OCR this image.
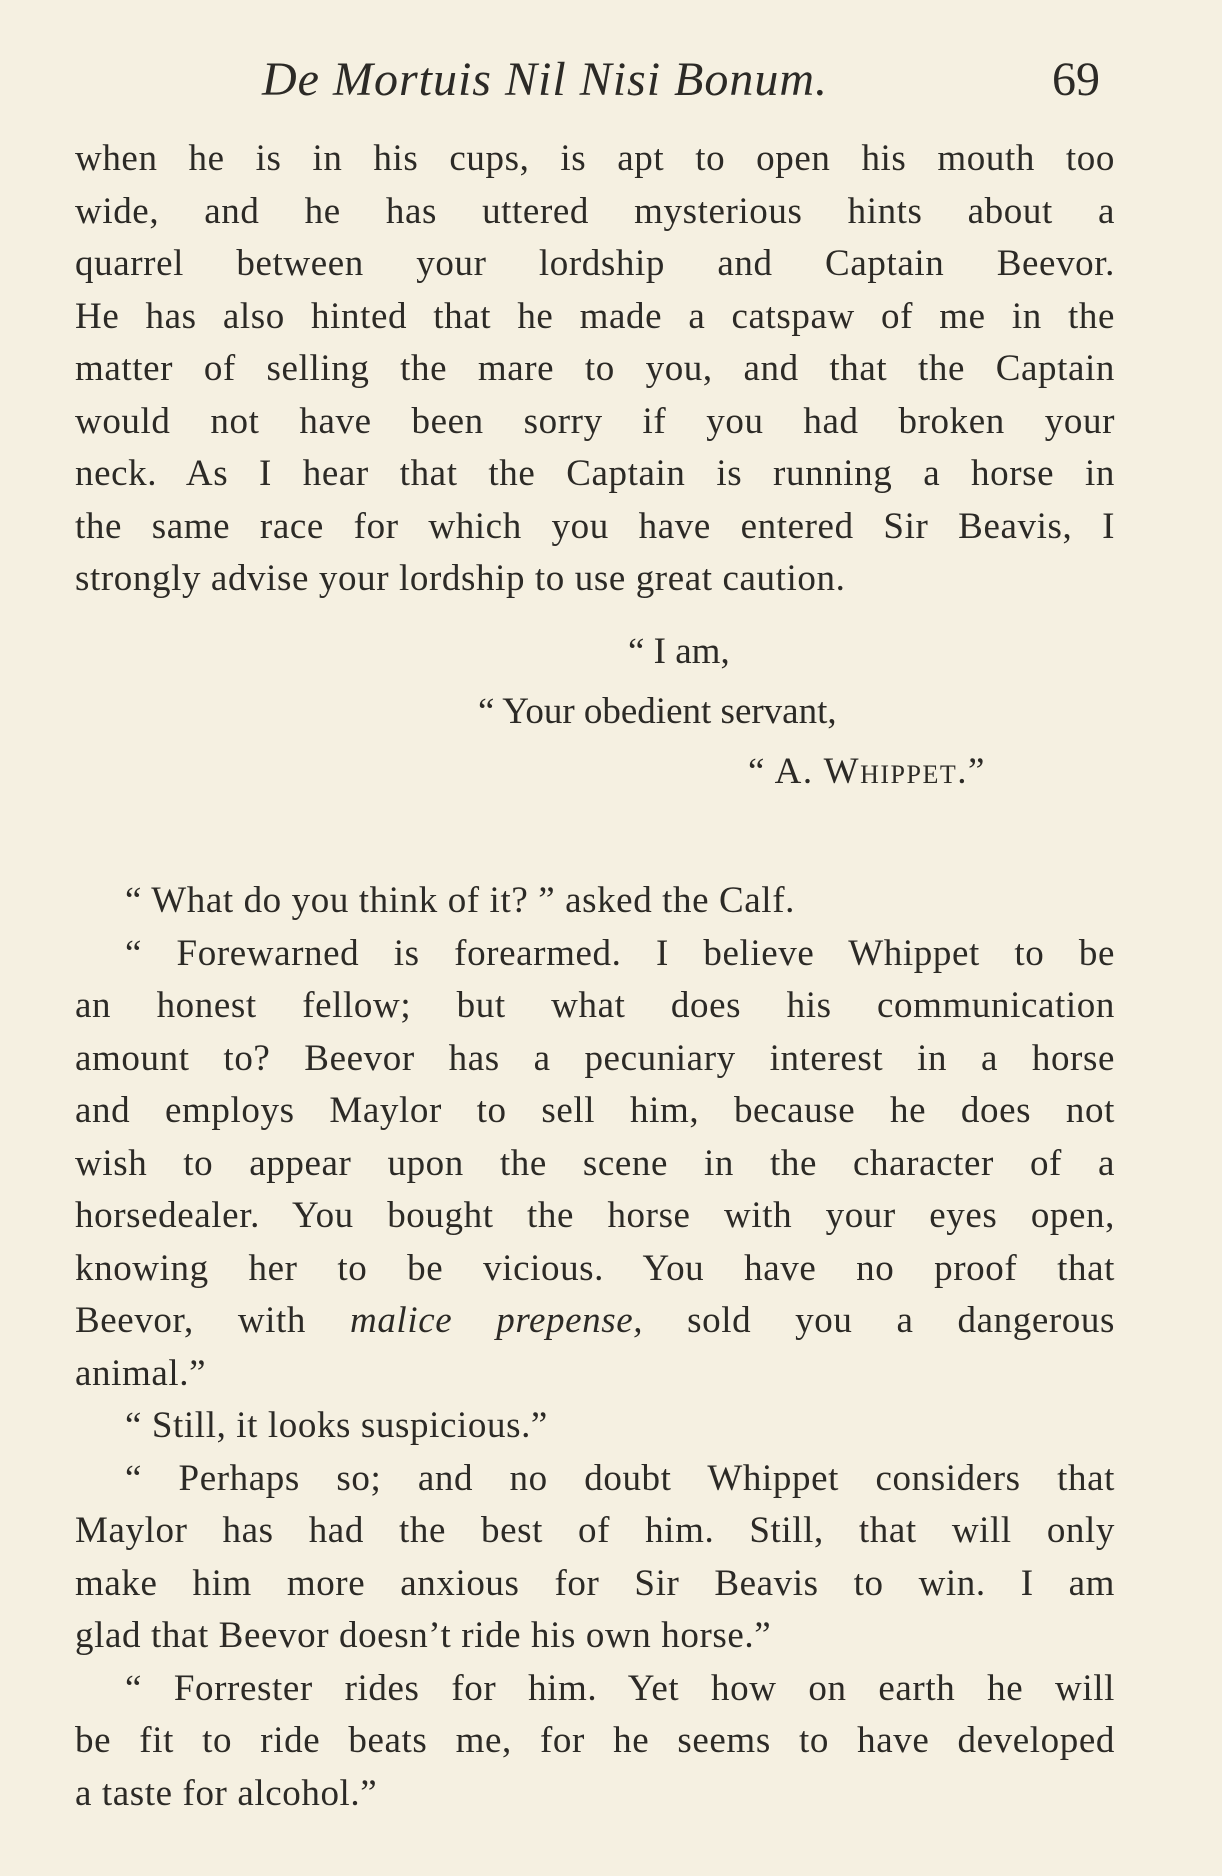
De Mortuis Nil Nisi Bonum.	69
when he is in his cups, is apt to open his mouth too
wide, and he has uttered mysterious hints about a
quarrel between your lordship and Captain Beevor.
He has also hinted that he made a catspaw of me in the
matter of selling the mare to you, and that the Captain
would not have been sorry if you had broken your
neck. As I hear that the Captain is running a horse in
the same race for which you have entered Sir Beavis, I
strongly advise your lordship to use great caution.
“ I am,
“ Your obedient servant,
“ A. Whippet.”
“ What do you think of it? ” asked the Calf.
“ Forewarned is forearmed. I believe Whippet to be
an honest fellow; but what does his communication
amount to? Beevor has a pecuniary interest in a horse
and employs Maylor to sell him, because he does not
wish to appear upon the scene in the character of a
horsedealer. You bought the horse with your eyes open,
knowing her to be vicious. You have no proof that
Beevor, with malice prepense, sold you a dangerous
animal.”
“ Still, it looks suspicious.”
“ Perhaps so; and no doubt Whippet considers that
Maylor has had the best of him. Still, that will only
make him more anxious for Sir Beavis to win. I am
glad that Beevor doesn’t ride his own horse.”
“ Forrester rides for him. Yet how on earth he will
be fit to ride beats me, for he seems to have developed
a taste for alcohol.”
